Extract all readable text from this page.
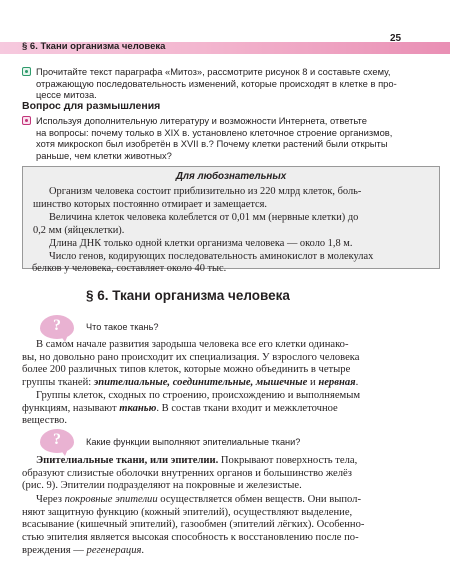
§ 6. Ткани организма человека
25
Прочитайте текст параграфа «Митоз», рассмотрите рисунок 8 и составьте схему,
отражающую последовательность изменений, которые происходят в клетке в про-
цессе митоза.
Вопрос для размышления
Используя дополнительную литературу и возможности Интернета, ответьте
на вопросы: почему только в XIX в. установлено клеточное строение организмов,
хотя микроскоп был изобретён в XVII в.? Почему клетки растений были открыты
раньше, чем клетки животных?
Для любознательных
Организм человека состоит приблизительно из 220 млрд клеток, боль-
шинство которых постоянно отмирает и замещается.
Величина клеток человека колеблется от 0,01 мм (нервные клетки) до
0,2 мм (яйцеклетки).
Длина ДНК только одной клетки организма человека — около 1,8 м.
Число генов, кодирующих последовательность аминокислот в молекулах
белков у человека, составляет около 40 тыс.
§ 6. Ткани организма человека
?	Что такое ткань?
В самом начале развития зародыша человека все его клетки одинако-
вы, но довольно рано происходит их специализация. У взрослого человека
более 200 различных типов клеток, которые можно объединить в четыре
группы тканей: эпителиальные, соединительные, мышечные и нервная.
Группы клеток, сходных по строению, происхождению и выполняемым
функциям, называют тканью. В состав ткани входит и межклеточное
вещество.
?	Какие функции выполняют эпителиальные ткани?
Эпителиальные ткани, или эпителии. Покрывают поверхность тела,
образуют слизистые оболочки внутренних органов и большинство желёз
(рис. 9). Эпителии подразделяют на покровные и железистые.
Через покровные эпителии осуществляется обмен веществ. Они выпол-
няют защитную функцию (кожный эпителий), осуществляют выделение,
всасывание (кишечный эпителий), газообмен (эпителий лёгких). Особенно-
стью эпителия является высокая способность к восстановлению после по-
вреждения — регенерация.
